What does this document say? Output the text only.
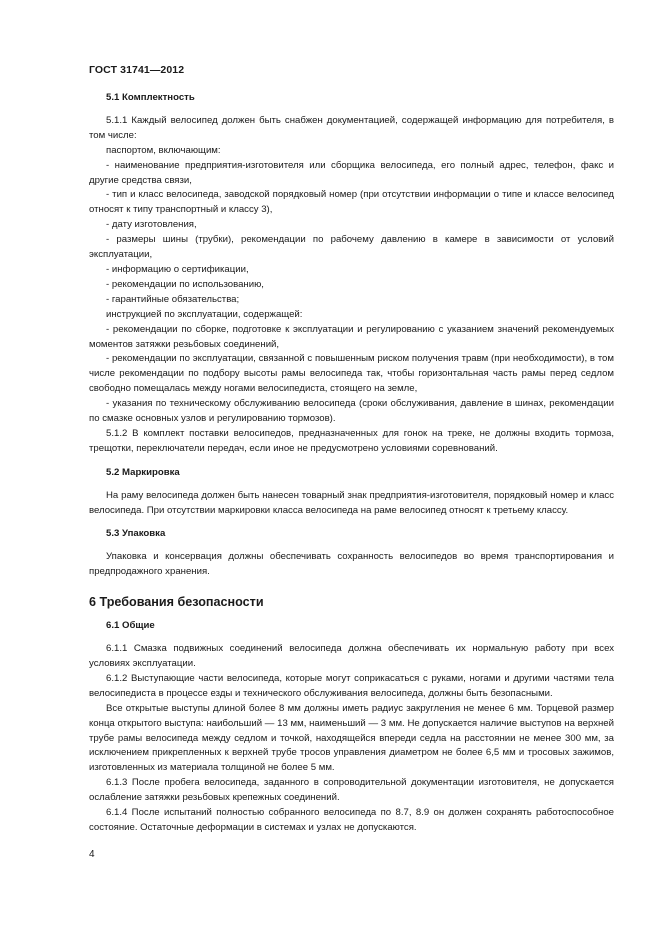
ГОСТ 31741—2012

5.1 Комплектность

5.1.1 Каждый велосипед должен быть снабжен документацией, содержащей информацию для потребителя, в том числе:

паспортом, включающим:

- наименование предприятия-изготовителя или сборщика велосипеда, его полный адрес, телефон, факс и другие средства связи,

- тип и класс велосипеда, заводской порядковый номер (при отсутствии информации о типе и классе велосипед относят к типу транспортный и классу 3),

- дату изготовления,

- размеры шины (трубки), рекомендации по рабочему давлению в камере в зависимости от условий эксплуатации,

- информацию о сертификации,

- рекомендации по использованию,

- гарантийные обязательства;

инструкцией по эксплуатации, содержащей:

- рекомендации по сборке, подготовке к эксплуатации и регулированию с указанием значений рекомендуемых моментов затяжки резьбовых соединений,

- рекомендации по эксплуатации, связанной с повышенным риском получения травм (при необходимости), в том числе рекомендации по подбору высоты рамы велосипеда так, чтобы горизонтальная часть рамы перед седлом свободно помещалась между ногами велосипедиста, стоящего на земле,

- указания по техническому обслуживанию велосипеда (сроки обслуживания, давление в шинах, рекомендации по смазке основных узлов и регулированию тормозов).

5.1.2 В комплект поставки велосипедов, предназначенных для гонок на треке, не должны входить тормоза, трещотки, переключатели передач, если иное не предусмотрено условиями соревнований.

5.2 Маркировка

На раму велосипеда должен быть нанесен товарный знак предприятия-изготовителя, порядковый номер и класс велосипеда. При отсутствии маркировки класса велосипеда на раме велосипед относят к третьему классу.

5.3 Упаковка

Упаковка и консервация должны обеспечивать сохранность велосипедов во время транспортирования и предпродажного хранения.

6 Требования безопасности

6.1 Общие

6.1.1 Смазка подвижных соединений велосипеда должна обеспечивать их нормальную работу при всех условиях эксплуатации.

6.1.2 Выступающие части велосипеда, которые могут соприкасаться с руками, ногами и другими частями тела велосипедиста в процессе езды и технического обслуживания велосипеда, должны быть безопасными.

Все открытые выступы длиной более 8 мм должны иметь радиус закругления не менее 6 мм. Торцевой размер конца открытого выступа: наибольший — 13 мм, наименьший — 3 мм. Не допускается наличие выступов на верхней трубе рамы велосипеда между седлом и точкой, находящейся впереди седла на расстоянии не менее 300 мм, за исключением прикрепленных к верхней трубе тросов управления диаметром не более 6,5 мм и тросовых зажимов, изготовленных из материала толщиной не более 5 мм.

6.1.3 После пробега велосипеда, заданного в сопроводительной документации изготовителя, не допускается ослабление затяжки резьбовых крепежных соединений.

6.1.4 После испытаний полностью собранного велосипеда по 8.7, 8.9 он должен сохранять работоспособное состояние. Остаточные деформации в системах и узлах не допускаются.

4
